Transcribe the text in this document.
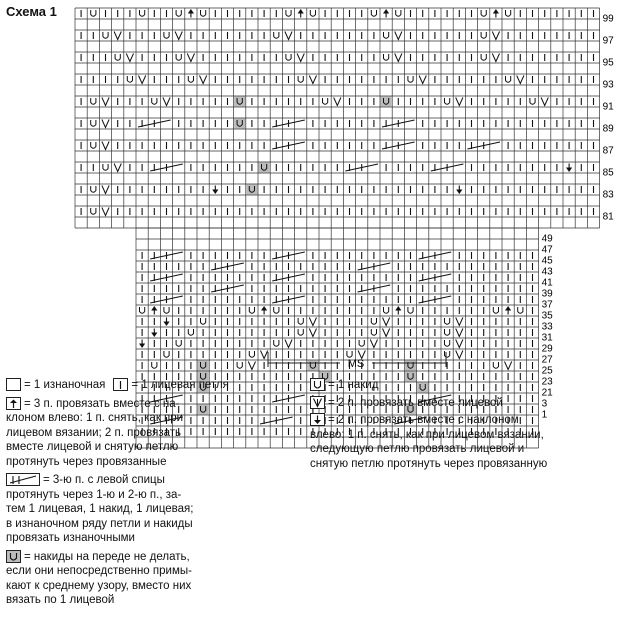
Схема 1	99
97
95
93
91
89
87
85
83
81
49
47
45
43
41
39
37
35
33
31
29
27
25
23
21
3
1
MS
= 1 изнаночная = 1 лицевая петля
= 3 п. провязать вместе с на-
клоном влево: 1 п. снять, как при
лицевом вязании; 2 п. провязать
вместе лицевой и снятую петлю
протянуть через провязанные
= 3-ю п. с левой спицы
протянуть через 1-ю и 2-ю п., за-
тем 1 лицевая, 1 накид, 1 лицевая;
в изнаночном ряду петли и накиды
провязать изнаночными
= накиды на переде не делать,
если они непосредственно примы-
кают к среднему узору, вместо них
вязать по 1 лицевой
= 1 накид
= 2 п. провязать вместе лицевой
= 2 п. провязать вместе с наклоном
влево: 1 п. снять, как при лицевом вязании,
следующую петлю провязать лицевой и
снятую петлю протянуть через провязанную
